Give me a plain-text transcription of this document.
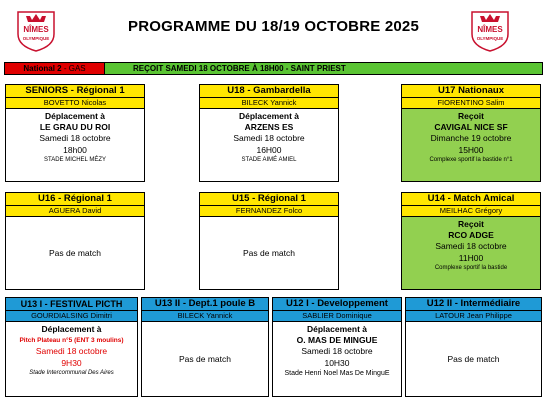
NÎMES
OLYMPIQUE
NÎMES
OLYMPIQUE
PROGRAMME DU 18/19 OCTOBRE 2025
National 2 - GAS	REÇOIT SAMEDI 18 OCTOBRE À 18H00 - SAINT PRIEST
SENIORS - Régional 1
BOVETTO Nicolas
Déplacement à
LE GRAU DU ROI
Samedi 18 octobre
18h00
STADE MICHEL MÉZY
U18 - Gambardella
BILECK Yannick
Déplacement à
ARZENS ES
Samedi 18 octobre
16H00
STADE AIMÉ AMIEL
U17 Nationaux
FIORENTINO Salim
Reçoit
CAVIGAL NICE SF
Dimanche 19 octobre
15H00
Complexe sportif la bastide n°1
U16 - Régional 1
AGUERA David
Pas de match
U15 - Régional 1
FERNANDEZ Folco
Pas de match
U14 - Match Amical
MEILHAC Grégory
Reçoit
RCO ADGE
Samedi 18 octobre
11H00
Complexe sportif la bastide
U13 I - FESTIVAL PICTH
GOURDIALSING Dimitri
Déplacement à
Pitch Plateau n°5 (ENT 3 moulins)
Samedi 18 octobre
9H30
Stade Intercommunal Des Aires
U13 II - Dept.1 poule B
BILECK Yannick
Pas de match
U12 I - Developpement
SABLIER Dominique
Déplacement à
O. MAS DE MINGUE
Samedi 18 octobre
10H30
Stade Henri Noel Mas De MinguE
U12 II - Intermédiaire
LATOUR Jean Philippe
Pas de match
